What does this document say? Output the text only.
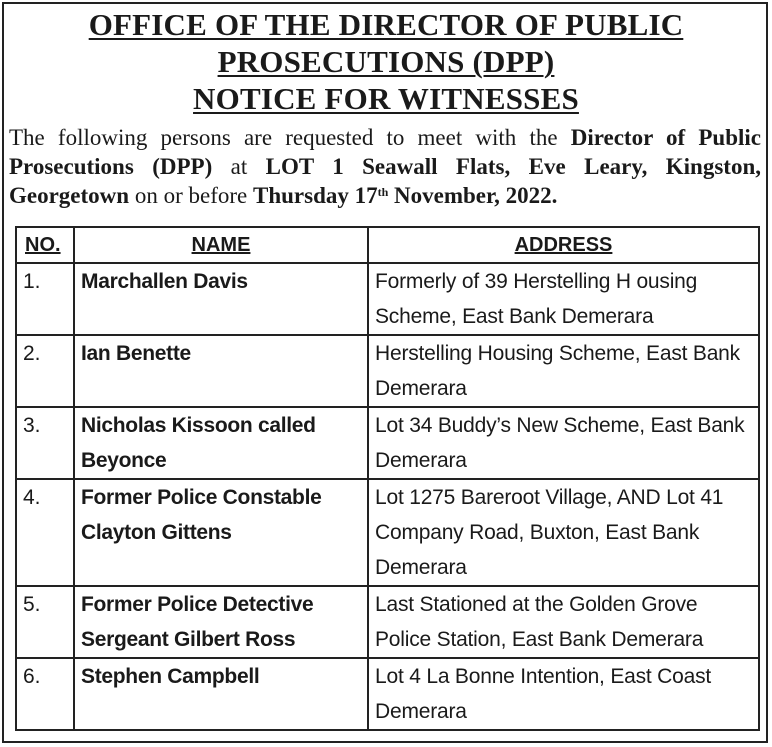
OFFICE OF THE DIRECTOR OF PUBLIC
PROSECUTIONS (DPP)
NOTICE FOR WITNESSES
The following persons are requested to meet with the Director of Public Prosecutions (DPP) at LOT 1 Seawall Flats, Eve Leary, Kingston, Georgetown on or before Thursday 17th November, 2022.
NO.	NAME	ADDRESS
1.	Marchallen Davis	Formerly of 39 Herstelling H ousing Scheme, East Bank Demerara
2.	Ian Benette	Herstelling Housing Scheme, East Bank Demerara
3.	Nicholas Kissoon called Beyonce	Lot 34 Buddy’s New Scheme, East Bank Demerara
4.	Former Police Constable Clayton Gittens	Lot 1275 Bareroot Village, AND Lot 41 Company Road, Buxton, East Bank Demerara
5.	Former Police Detective Sergeant Gilbert Ross	Last Stationed at the Golden Grove Police Station, East Bank Demerara
6.	Stephen Campbell	Lot 4 La Bonne Intention, East Coast Demerara
